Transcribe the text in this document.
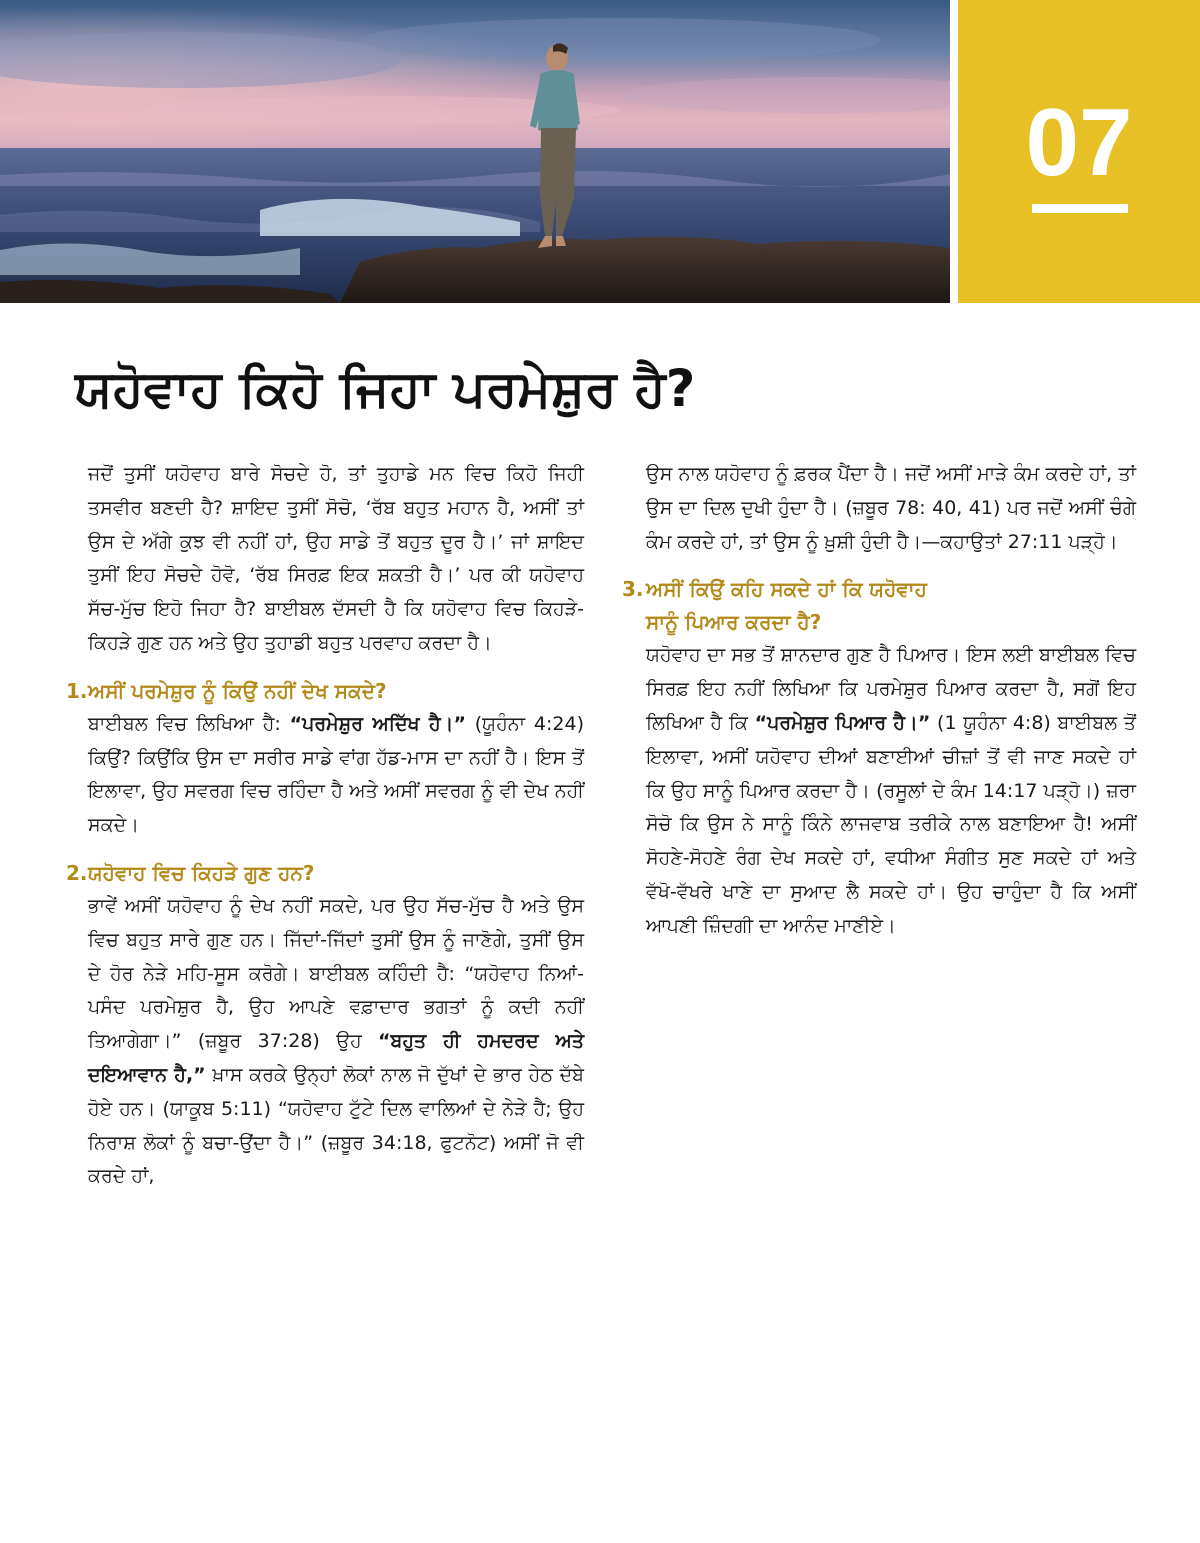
07
ਯਹੋਵਾਹ ਕਿਹੋ ਜਿਹਾ ਪਰਮੇਸ਼ੁਰ ਹੈ?

ਜਦੋਂ ਤੁਸੀਂ ਯਹੋਵਾਹ ਬਾਰੇ ਸੋਚਦੇ ਹੋ, ਤਾਂ ਤੁਹਾਡੇ ਮਨ ਵਿਚ ਕਿਹੋ ਜਿਹੀ ਤਸਵੀਰ ਬਣਦੀ ਹੈ? ਸ਼ਾਇਦ ਤੁਸੀਂ ਸੋਚੋ, ‘ਰੱਬ ਬਹੁਤ ਮਹਾਨ ਹੈ, ਅਸੀਂ ਤਾਂ ਉਸ ਦੇ ਅੱਗੇ ਕੁਝ ਵੀ ਨਹੀਂ ਹਾਂ, ਉਹ ਸਾਡੇ ਤੋਂ ਬਹੁਤ ਦੂਰ ਹੈ।’ ਜਾਂ ਸ਼ਾਇਦ ਤੁਸੀਂ ਇਹ ਸੋਚਦੇ ਹੋਵੋ, ‘ਰੱਬ ਸਿਰਫ਼ ਇਕ ਸ਼ਕਤੀ ਹੈ।’ ਪਰ ਕੀ ਯਹੋਵਾਹ ਸੱਚ-ਮੁੱਚ ਇਹੋ ਜਿਹਾ ਹੈ? ਬਾਈਬਲ ਦੱਸਦੀ ਹੈ ਕਿ ਯਹੋਵਾਹ ਵਿਚ ਕਿਹੜੇ-ਕਿਹੜੇ ਗੁਣ ਹਨ ਅਤੇ ਉਹ ਤੁਹਾਡੀ ਬਹੁਤ ਪਰਵਾਹ ਕਰਦਾ ਹੈ।

1. ਅਸੀਂ ਪਰਮੇਸ਼ੁਰ ਨੂੰ ਕਿਉਂ ਨਹੀਂ ਦੇਖ ਸਕਦੇ?

ਬਾਈਬਲ ਵਿਚ ਲਿਖਿਆ ਹੈ: “ਪਰਮੇਸ਼ੁਰ ਅਦਿੱਖ ਹੈ।” (ਯੂਹੰਨਾ 4:24) ਕਿਉਂ? ਕਿਉਂਕਿ ਉਸ ਦਾ ਸਰੀਰ ਸਾਡੇ ਵਾਂਗ ਹੱਡ-ਮਾਸ ਦਾ ਨਹੀਂ ਹੈ। ਇਸ ਤੋਂ ਇਲਾਵਾ, ਉਹ ਸਵਰਗ ਵਿਚ ਰਹਿੰਦਾ ਹੈ ਅਤੇ ਅਸੀਂ ਸਵਰਗ ਨੂੰ ਵੀ ਦੇਖ ਨਹੀਂ ਸਕਦੇ।

2. ਯਹੋਵਾਹ ਵਿਚ ਕਿਹੜੇ ਗੁਣ ਹਨ?

ਭਾਵੇਂ ਅਸੀਂ ਯਹੋਵਾਹ ਨੂੰ ਦੇਖ ਨਹੀਂ ਸਕਦੇ, ਪਰ ਉਹ ਸੱਚ-ਮੁੱਚ ਹੈ ਅਤੇ ਉਸ ਵਿਚ ਬਹੁਤ ਸਾਰੇ ਗੁਣ ਹਨ। ਜਿੱਦਾਂ-ਜਿੱਦਾਂ ਤੁਸੀਂ ਉਸ ਨੂੰ ਜਾਣੋਗੇ, ਤੁਸੀਂ ਉਸ ਦੇ ਹੋਰ ਨੇੜੇ ਮਹਿ-ਸੂਸ ਕਰੋਗੇ। ਬਾਈਬਲ ਕਹਿੰਦੀ ਹੈ: “ਯਹੋਵਾਹ ਨਿਆਂ-ਪਸੰਦ ਪਰਮੇਸ਼ੁਰ ਹੈ, ਉਹ ਆਪਣੇ ਵਫ਼ਾਦਾਰ ਭਗਤਾਂ ਨੂੰ ਕਦੀ ਨਹੀਂ ਤਿਆਗੇਗਾ।” (ਜ਼ਬੂਰ 37:28) ਉਹ “ਬਹੁਤ ਹੀ ਹਮਦਰਦ ਅਤੇ ਦਇਆਵਾਨ ਹੈ,” ਖ਼ਾਸ ਕਰਕੇ ਉਨ੍ਹਾਂ ਲੋਕਾਂ ਨਾਲ ਜੋ ਦੁੱਖਾਂ ਦੇ ਭਾਰ ਹੇਠ ਦੱਬੇ ਹੋਏ ਹਨ। (ਯਾਕੂਬ 5:11) “ਯਹੋਵਾਹ ਟੁੱਟੇ ਦਿਲ ਵਾਲਿਆਂ ਦੇ ਨੇੜੇ ਹੈ; ਉਹ ਨਿਰਾਸ਼ ਲੋਕਾਂ ਨੂੰ ਬਚਾ-ਉਂਦਾ ਹੈ।” (ਜ਼ਬੂਰ 34:18, ਫੁਟਨੋਟ) ਅਸੀਂ ਜੋ ਵੀ ਕਰਦੇ ਹਾਂ,

ਉਸ ਨਾਲ ਯਹੋਵਾਹ ਨੂੰ ਫ਼ਰਕ ਪੈਂਦਾ ਹੈ। ਜਦੋਂ ਅਸੀਂ ਮਾੜੇ ਕੰਮ ਕਰਦੇ ਹਾਂ, ਤਾਂ ਉਸ ਦਾ ਦਿਲ ਦੁਖੀ ਹੁੰਦਾ ਹੈ। (ਜ਼ਬੂਰ 78: 40, 41) ਪਰ ਜਦੋਂ ਅਸੀਂ ਚੰਗੇ ਕੰਮ ਕਰਦੇ ਹਾਂ, ਤਾਂ ਉਸ ਨੂੰ ਖ਼ੁਸ਼ੀ ਹੁੰਦੀ ਹੈ।—ਕਹਾਉਤਾਂ 27:11 ਪੜ੍ਹੋ।

3. ਅਸੀਂ ਕਿਉਂ ਕਹਿ ਸਕਦੇ ਹਾਂ ਕਿ ਯਹੋਵਾਹ
ਸਾਨੂੰ ਪਿਆਰ ਕਰਦਾ ਹੈ?

ਯਹੋਵਾਹ ਦਾ ਸਭ ਤੋਂ ਸ਼ਾਨਦਾਰ ਗੁਣ ਹੈ ਪਿਆਰ। ਇਸ ਲਈ ਬਾਈਬਲ ਵਿਚ ਸਿਰਫ਼ ਇਹ ਨਹੀਂ ਲਿਖਿਆ ਕਿ ਪਰਮੇਸ਼ੁਰ ਪਿਆਰ ਕਰਦਾ ਹੈ, ਸਗੋਂ ਇਹ ਲਿਖਿਆ ਹੈ ਕਿ “ਪਰਮੇਸ਼ੁਰ ਪਿਆਰ ਹੈ।” (1 ਯੂਹੰਨਾ 4:8) ਬਾਈਬਲ ਤੋਂ ਇਲਾਵਾ, ਅਸੀਂ ਯਹੋਵਾਹ ਦੀਆਂ ਬਣਾਈਆਂ ਚੀਜ਼ਾਂ ਤੋਂ ਵੀ ਜਾਣ ਸਕਦੇ ਹਾਂ ਕਿ ਉਹ ਸਾਨੂੰ ਪਿਆਰ ਕਰਦਾ ਹੈ। (ਰਸੂਲਾਂ ਦੇ ਕੰਮ 14:17 ਪੜ੍ਹੋ।) ਜ਼ਰਾ ਸੋਚੋ ਕਿ ਉਸ ਨੇ ਸਾਨੂੰ ਕਿੰਨੇ ਲਾਜਵਾਬ ਤਰੀਕੇ ਨਾਲ ਬਣਾਇਆ ਹੈ! ਅਸੀਂ ਸੋਹਣੇ-ਸੋਹਣੇ ਰੰਗ ਦੇਖ ਸਕਦੇ ਹਾਂ, ਵਧੀਆ ਸੰਗੀਤ ਸੁਣ ਸਕਦੇ ਹਾਂ ਅਤੇ ਵੱਖੋ-ਵੱਖਰੇ ਖਾਣੇ ਦਾ ਸੁਆਦ ਲੈ ਸਕਦੇ ਹਾਂ। ਉਹ ਚਾਹੁੰਦਾ ਹੈ ਕਿ ਅਸੀਂ ਆਪਣੀ ਜ਼ਿੰਦਗੀ ਦਾ ਆਨੰਦ ਮਾਣੀਏ।
